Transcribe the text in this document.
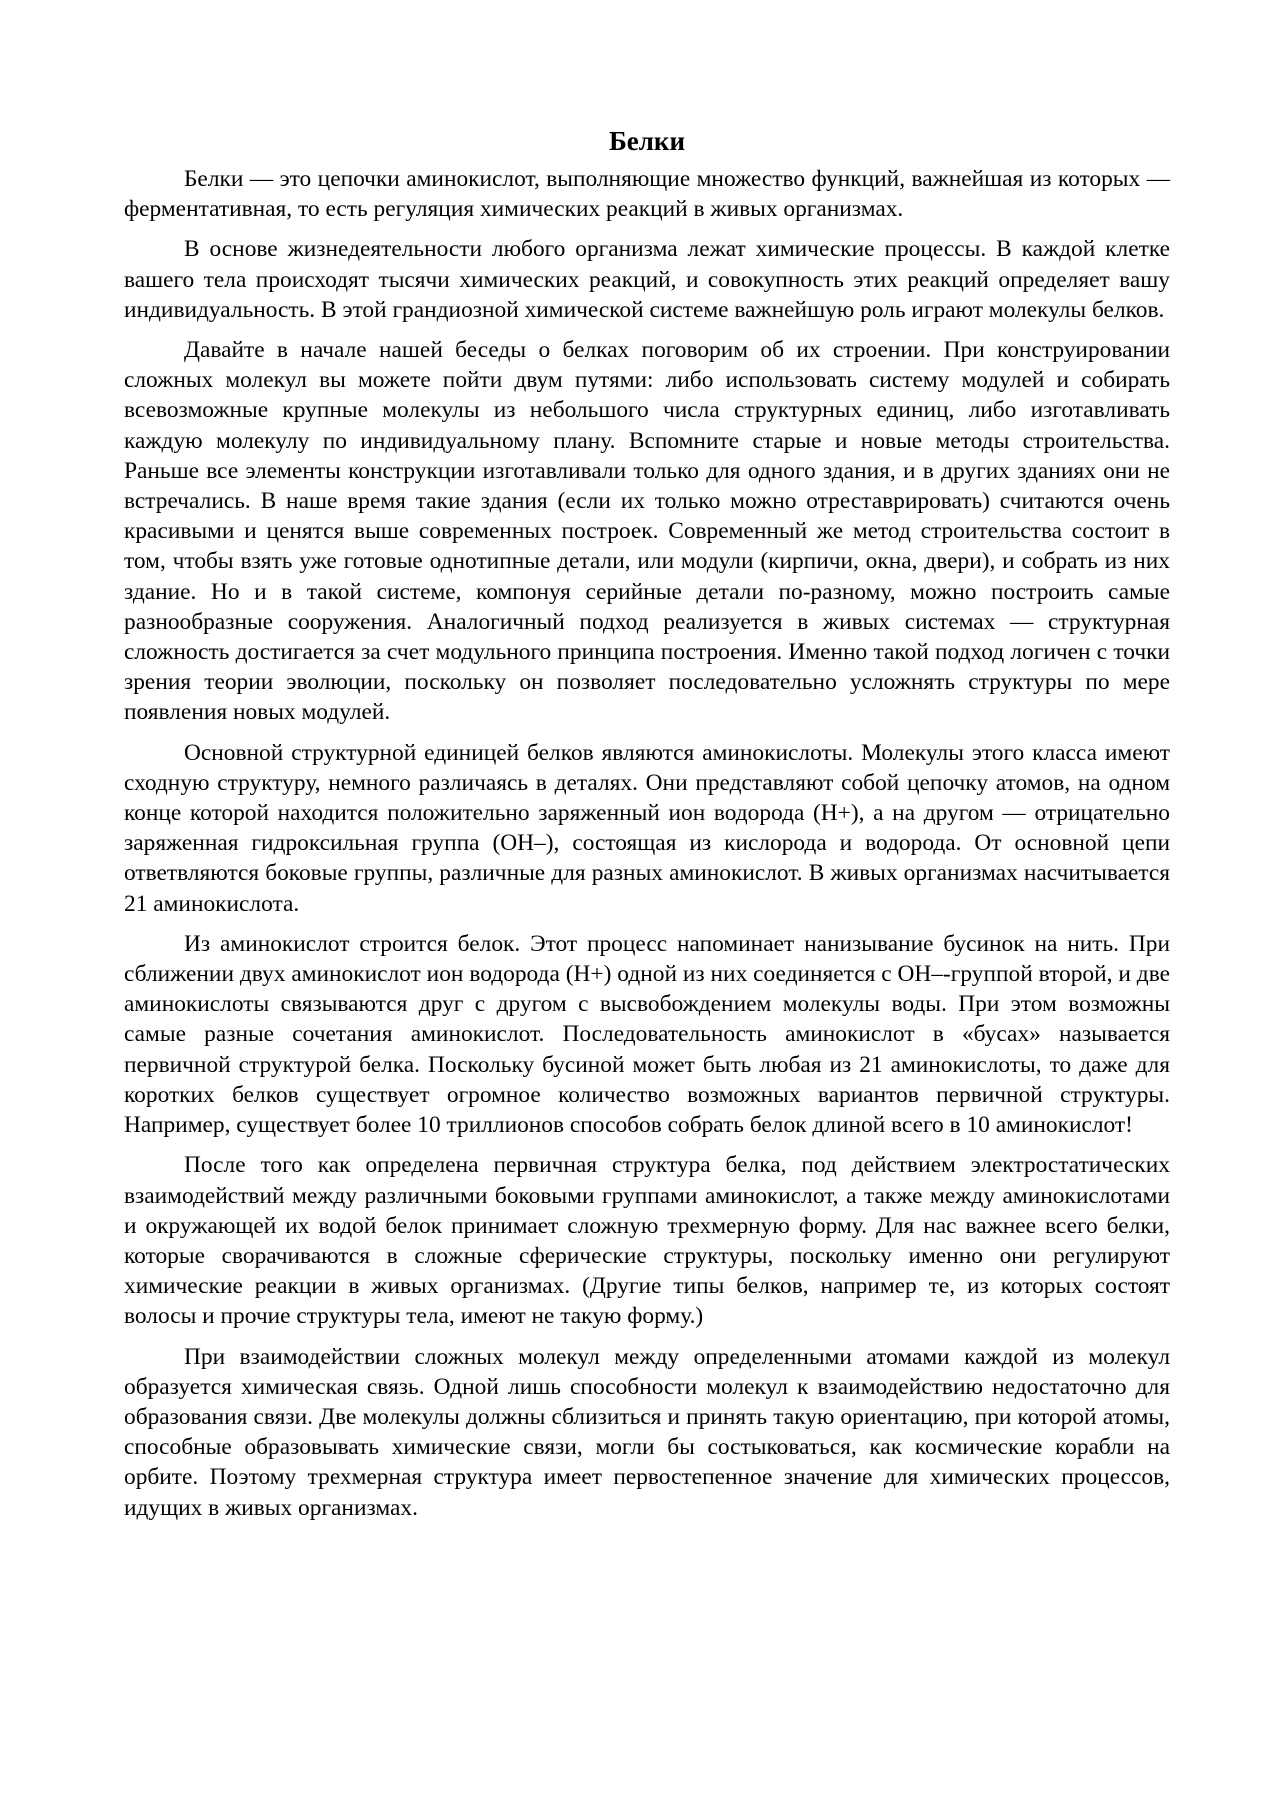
Белки

Белки — это цепочки аминокислот, выполняющие множество функций, важнейшая из которых — ферментативная, то есть регуляция химических реакций в живых организмах.

В основе жизнедеятельности любого организма лежат химические процессы. В каждой клетке вашего тела происходят тысячи химических реакций, и совокупность этих реакций определяет вашу индивидуальность. В этой грандиозной химической системе важнейшую роль играют молекулы белков.

Давайте в начале нашей беседы о белках поговорим об их строении. При конструировании сложных молекул вы можете пойти двум путями: либо использовать систему модулей и собирать всевозможные крупные молекулы из небольшого числа структурных единиц, либо изготавливать каждую молекулу по индивидуальному плану. Вспомните старые и новые методы строительства. Раньше все элементы конструкции изготавливали только для одного здания, и в других зданиях они не встречались. В наше время такие здания (если их только можно отреставрировать) считаются очень красивыми и ценятся выше современных построек. Современный же метод строительства состоит в том, чтобы взять уже готовые однотипные детали, или модули (кирпичи, окна, двери), и собрать из них здание. Но и в такой системе, компонуя серийные детали по-разному, можно построить самые разнообразные сооружения. Аналогичный подход реализуется в живых системах — структурная сложность достигается за счет модульного принципа построения. Именно такой подход логичен с точки зрения теории эволюции, поскольку он позволяет последовательно усложнять структуры по мере появления новых модулей.

Основной структурной единицей белков являются аминокислоты. Молекулы этого класса имеют сходную структуру, немного различаясь в деталях. Они представляют собой цепочку атомов, на одном конце которой находится положительно заряженный ион водорода (Н+), а на другом — отрицательно заряженная гидроксильная группа (ОН–), состоящая из кислорода и водорода. От основной цепи ответвляются боковые группы, различные для разных аминокислот. В живых организмах насчитывается 21 аминокислота.

Из аминокислот строится белок. Этот процесс напоминает нанизывание бусинок на нить. При сближении двух аминокислот ион водорода (Н+) одной из них соединяется с ОН–-группой второй, и две аминокислоты связываются друг с другом с высвобождением молекулы воды. При этом возможны самые разные сочетания аминокислот. Последовательность аминокислот в «бусах» называется первичной структурой белка. Поскольку бусиной может быть любая из 21 аминокислоты, то даже для коротких белков существует огромное количество возможных вариантов первичной структуры. Например, существует более 10 триллионов способов собрать белок длиной всего в 10 аминокислот!

После того как определена первичная структура белка, под действием электростатических взаимодействий между различными боковыми группами аминокислот, а также между аминокислотами и окружающей их водой белок принимает сложную трехмерную форму. Для нас важнее всего белки, которые сворачиваются в сложные сферические структуры, поскольку именно они регулируют химические реакции в живых организмах. (Другие типы белков, например те, из которых состоят волосы и прочие структуры тела, имеют не такую форму.)

При взаимодействии сложных молекул между определенными атомами каждой из молекул образуется химическая связь. Одной лишь способности молекул к взаимодействию недостаточно для образования связи. Две молекулы должны сблизиться и принять такую ориентацию, при которой атомы, способные образовывать химические связи, могли бы состыковаться, как космические корабли на орбите. Поэтому трехмерная структура имеет первостепенное значение для химических процессов, идущих в живых организмах.
